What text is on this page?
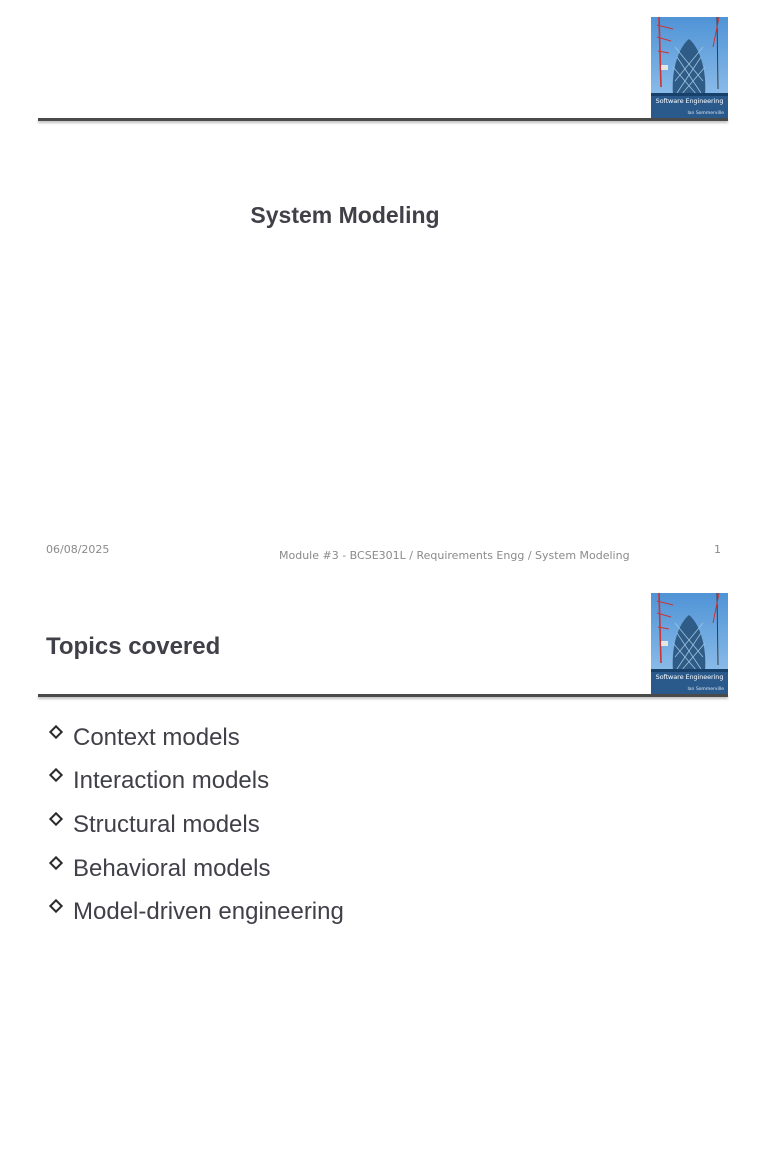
Software Engineering
Ian Sommerville
System Modeling
06/08/2025	Module #3 - BCSE301L / Requirements Engg / System Modeling	1
Software Engineering
Ian Sommerville
Topics covered
Context models
Interaction models
Structural models
Behavioral models
Model-driven engineering
